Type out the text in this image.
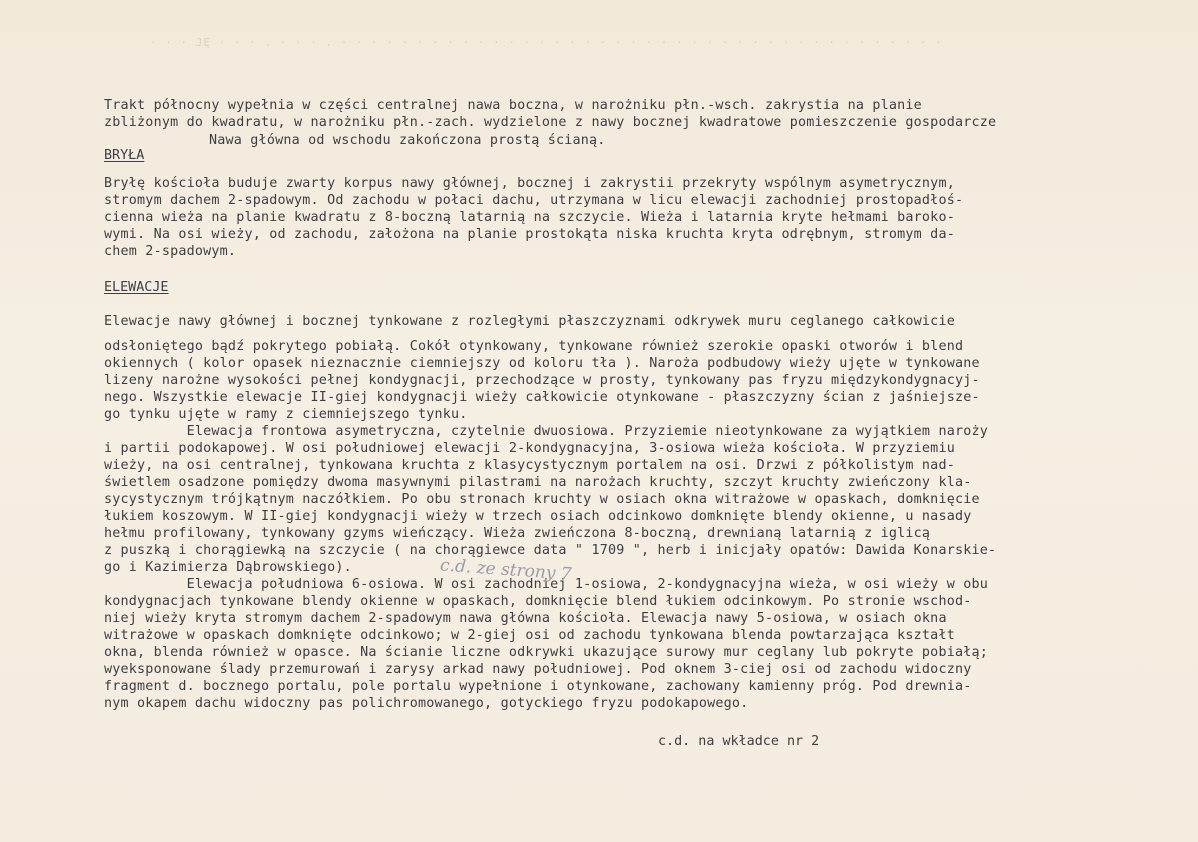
· · · JĘ · · · . · · · . · · · · · · · · · · · · · · · · · · · · · · · · · · · · · · · · · · · · · · · ·
Trakt północny wypełnia w części centralnej nawa boczna, w narożniku płn.-wsch. zakrystia na planie
zbliżonym do kwadratu, w narożniku płn.-zach. wydzielone z nawy bocznej kwadratowe pomieszczenie gospodarcze
Nawa główna od wschodu zakończona prostą ścianą.
BRYŁA
Bryłę kościoła buduje zwarty korpus nawy głównej, bocznej i zakrystii przekryty wspólnym asymetrycznym,
stromym dachem 2-spadowym. Od zachodu w połaci dachu, utrzymana w licu elewacji zachodniej prostopadłoś-
cienna wieża na planie kwadratu z 8-boczną latarnią na szczycie. Wieża i latarnia kryte hełmami baroko-
wymi. Na osi wieży, od zachodu, założona na planie prostokąta niska kruchta kryta odrębnym, stromym da-
chem 2-spadowym.
ELEWACJE
Elewacje nawy głównej i bocznej tynkowane z rozległymi płaszczyznami odkrywek muru ceglanego całkowicie
odsłoniętego bądź pokrytego pobiałą. Cokół otynkowany, tynkowane również szerokie opaski otworów i blend
okiennych ( kolor opasek nieznacznie ciemniejszy od koloru tła ). Naroża podbudowy wieży ujęte w tynkowane
lizeny narożne wysokości pełnej kondygnacji, przechodzące w prosty, tynkowany pas fryzu międzykondygnacyj-
nego. Wszystkie elewacje II-giej kondygnacji wieży całkowicie otynkowane - płaszczyzny ścian z jaśniejsze-
go tynku ujęte w ramy z ciemniejszego tynku.
Elewacja frontowa asymetryczna, czytelnie dwuosiowa. Przyziemie nieotynkowane za wyjątkiem naroży
i partii podokapowej. W osi południowej elewacji 2-kondygnacyjna, 3-osiowa wieża kościoła. W przyziemiu
wieży, na osi centralnej, tynkowana kruchta z klasycystycznym portalem na osi. Drzwi z półkolistym nad-
świetlem osadzone pomiędzy dwoma masywnymi pilastrami na narożach kruchty, szczyt kruchty zwieńczony kla-
sycystycznym trójkątnym naczółkiem. Po obu stronach kruchty w osiach okna witrażowe w opaskach, domknięcie
łukiem koszowym. W II-giej kondygnacji wieży w trzech osiach odcinkowo domknięte blendy okienne, u nasady
hełmu profilowany, tynkowany gzyms wieńczący. Wieża zwieńczona 8-boczną, drewnianą latarnią z iglicą
z puszką i chorągiewką na szczycie ( na chorągiewce data " 1709 ", herb i inicjały opatów: Dawida Konarskie-
go i Kazimierza Dąbrowskiego).
Elewacja południowa 6-osiowa. W osi zachodniej 1-osiowa, 2-kondygnacyjna wieża, w osi wieży w obu
kondygnacjach tynkowane blendy okienne w opaskach, domknięcie blend łukiem odcinkowym. Po stronie wschod-
niej wieży kryta stromym dachem 2-spadowym nawa główna kościoła. Elewacja nawy 5-osiowa, w osiach okna
witrażowe w opaskach domknięte odcinkowo; w 2-giej osi od zachodu tynkowana blenda powtarzająca kształt
okna, blenda również w opasce. Na ścianie liczne odkrywki ukazujące surowy mur ceglany lub pokryte pobiałą;
wyeksponowane ślady przemurowań i zarysy arkad nawy południowej. Pod oknem 3-ciej osi od zachodu widoczny
fragment d. bocznego portalu, pole portalu wypełnione i otynkowane, zachowany kamienny próg. Pod drewnia-
nym okapem dachu widoczny pas polichromowanego, gotyckiego fryzu podokapowego.
c.d. ze strony 7
c.d. na wkładce nr 2
